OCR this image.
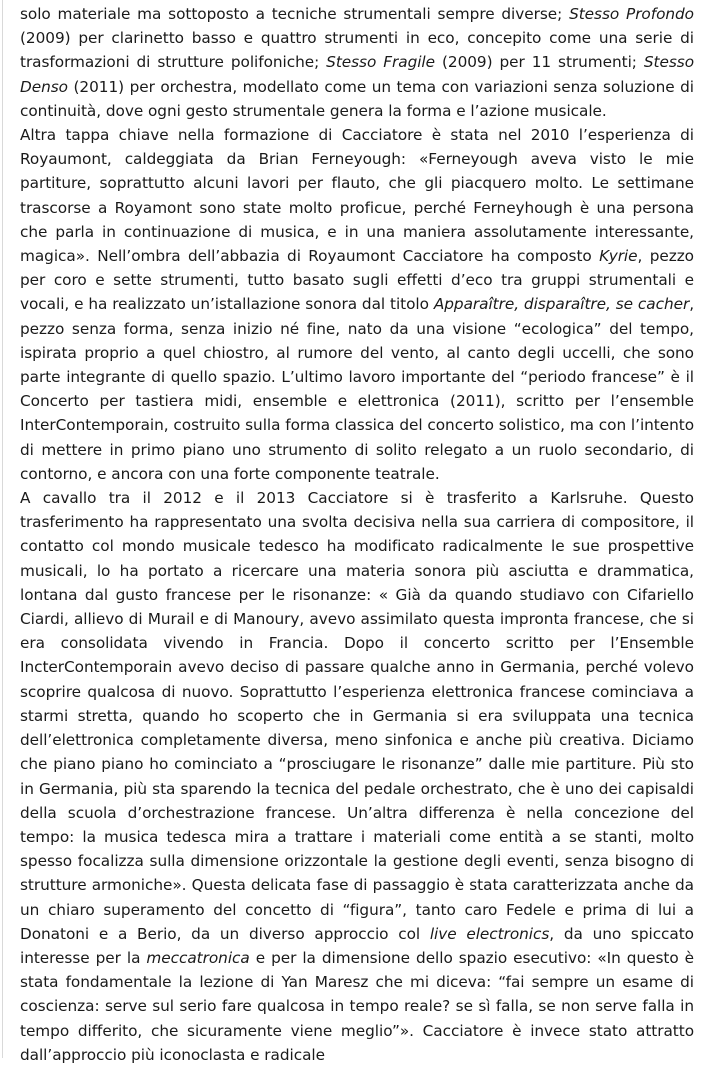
solo materiale ma sottoposto a tecniche strumentali sempre diverse; Stesso Profondo (2009) per clarinetto basso e quattro strumenti in eco, concepito come una serie di trasformazioni di strutture polifoniche; Stesso Fragile (2009) per 11 strumenti; Stesso Denso (2011) per orchestra, modellato come un tema con variazioni senza soluzione di continuità, dove ogni gesto strumentale genera la forma e l’azione musicale.

Altra tappa chiave nella formazione di Cacciatore è stata nel 2010 l’esperienza di Royaumont, caldeggiata da Brian Ferneyough: «Ferneyough aveva visto le mie partiture, soprattutto alcuni lavori per flauto, che gli piacquero molto. Le settimane trascorse a Royamont sono state molto proficue, perché Ferneyhough è una persona che parla in continuazione di musica, e in una maniera assolutamente interessante, magica». Nell’ombra dell’abbazia di Royaumont Cacciatore ha composto Kyrie, pezzo per coro e sette strumenti, tutto basato sugli effetti d’eco tra gruppi strumentali e vocali, e ha realizzato un’istallazione sonora dal titolo Apparaître, disparaître, se cacher, pezzo senza forma, senza inizio né fine, nato da una visione “ecologica” del tempo, ispirata proprio a quel chiostro, al rumore del vento, al canto degli uccelli, che sono parte integrante di quello spazio. L’ultimo lavoro importante del “periodo francese” è il Concerto per tastiera midi, ensemble e elettronica (2011), scritto per l’ensemble InterContemporain, costruito sulla forma classica del concerto solistico, ma con l’intento di mettere in primo piano uno strumento di solito relegato a un ruolo secondario, di contorno, e ancora con una forte componente teatrale.

A cavallo tra il 2012 e il 2013 Cacciatore si è trasferito a Karlsruhe. Questo trasferimento ha rappresentato una svolta decisiva nella sua carriera di compositore, il contatto col mondo musicale tedesco ha modificato radicalmente le sue prospettive musicali, lo ha portato a ricercare una materia sonora più asciutta e drammatica, lontana dal gusto francese per le risonanze: « Già da quando studiavo con Cifariello Ciardi, allievo di Murail e di Manoury, avevo assimilato questa impronta francese, che si era consolidata vivendo in Francia. Dopo il concerto scritto per l’Ensemble IncterContemporain avevo deciso di passare qualche anno in Germania, perché volevo scoprire qualcosa di nuovo. Soprattutto l’esperienza elettronica francese cominciava a starmi stretta, quando ho scoperto che in Germania si era sviluppata una tecnica dell’elettronica completamente diversa, meno sinfonica e anche più creativa. Diciamo che piano piano ho cominciato a “prosciugare le risonanze” dalle mie partiture. Più sto in Germania, più sta sparendo la tecnica del pedale orchestrato, che è uno dei capisaldi della scuola d’orchestrazione francese. Un’altra differenza è nella concezione del tempo: la musica tedesca mira a trattare i materiali come entità a se stanti, molto spesso focalizza sulla dimensione orizzontale la gestione degli eventi, senza bisogno di strutture armoniche». Questa delicata fase di passaggio è stata caratterizzata anche da un chiaro superamento del concetto di “figura”, tanto caro Fedele e prima di lui a Donatoni e a Berio, da un diverso approccio col live electronics, da uno spiccato interesse per la meccatronica e per la dimensione dello spazio esecutivo: «In questo è stata fondamentale la lezione di Yan Maresz che mi diceva: “fai sempre un esame di coscienza: serve sul serio fare qualcosa in tempo reale? se sì falla, se non serve falla in tempo differito, che sicuramente viene meglio”». Cacciatore è invece stato attratto dall’approccio più iconoclasta e radicale
